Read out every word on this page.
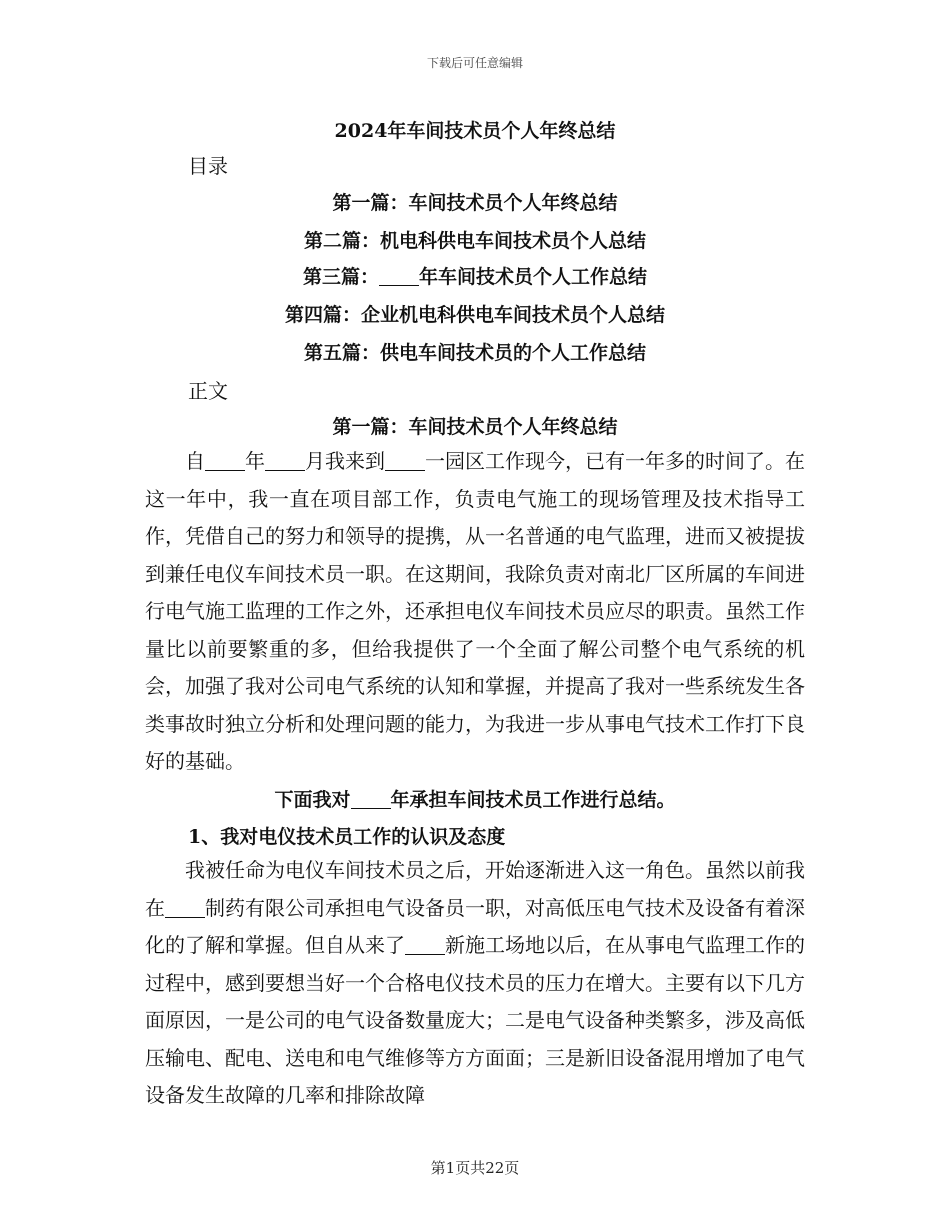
下载后可任意编辑
2024年车间技术员个人年终总结
目录
第一篇：车间技术员个人年终总结
第二篇：机电科供电车间技术员个人总结
第三篇： 年车间技术员个人工作总结
第四篇：企业机电科供电车间技术员个人总结
第五篇：供电车间技术员的个人工作总结
正文
第一篇：车间技术员个人年终总结
自 年 月我来到 一园区工作现今，已有一年多的时间了。在这一年中，我一直在项目部工作，负责电气施工的现场管理及技术指导工作，凭借自己的努力和领导的提携，从一名普通的电气监理，进而又被提拔到兼任电仪车间技术员一职。在这期间，我除负责对南北厂区所属的车间进行电气施工监理的工作之外，还承担电仪车间技术员应尽的职责。虽然工作量比以前要繁重的多，但给我提供了一个全面了解公司整个电气系统的机会，加强了我对公司电气系统的认知和掌握，并提高了我对一些系统发生各类事故时独立分析和处理问题的能力，为我进一步从事电气技术工作打下良好的基础。
下面我对 年承担车间技术员工作进行总结。
1、我对电仪技术员工作的认识及态度
我被任命为电仪车间技术员之后，开始逐渐进入这一角色。虽然以前我在 制药有限公司承担电气设备员一职，对高低压电气技术及设备有着深化的了解和掌握。但自从来了 新施工场地以后，在从事电气监理工作的过程中，感到要想当好一个合格电仪技术员的压力在增大。主要有以下几方面原因，一是公司的电气设备数量庞大；二是电气设备种类繁多，涉及高低压输电、配电、送电和电气维修等方方面面；三是新旧设备混用增加了电气设备发生故障的几率和排除故障
第1页共22页
